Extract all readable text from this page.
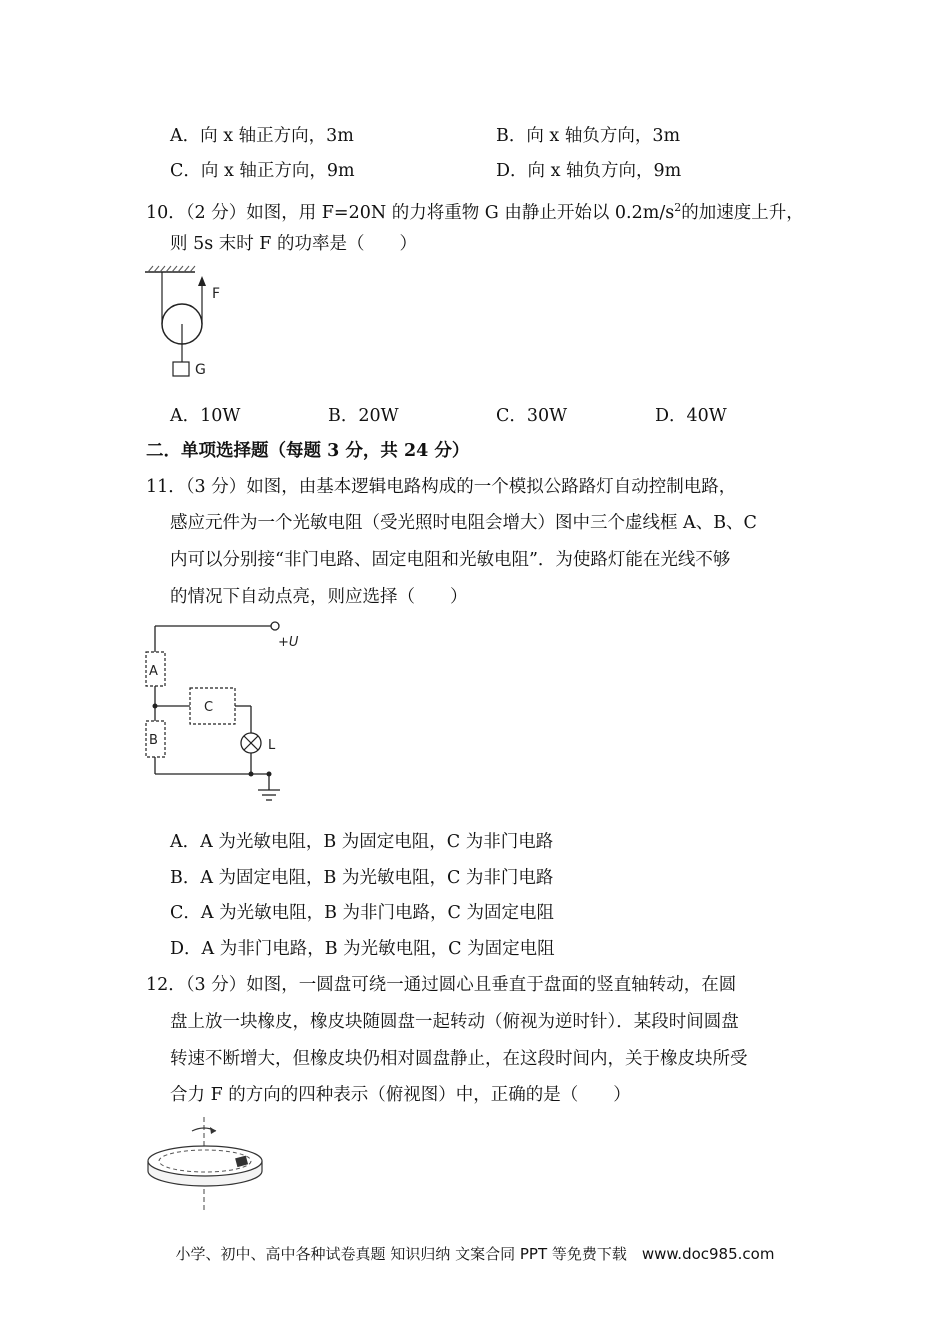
A．向 x 轴正方向，3m	B．向 x 轴负方向，3m
C．向 x 轴正方向，9m	D．向 x 轴负方向，9m
10．（2 分）如图，用 F=20N 的力将重物 G 由静止开始以 $0.2m/s^2$的加速度上升，
则 5s 末时 F 的功率是（　　）
F
G
A．10W	B．20W	C．30W	D．40W
二．单项选择题（每题 3 分，共 24 分）
11．（3 分）如图，由基本逻辑电路构成的一个模拟公路路灯自动控制电路，
感应元件为一个光敏电阻（受光照时电阻会增大）图中三个虚线框 A、B、C
内可以分别接“非门电路、固定电阻和光敏电阻”．为使路灯能在光线不够
的情况下自动点亮，则应选择（　　）
+U
A
C
L
B
A．A 为光敏电阻，B 为固定电阻，C 为非门电路
B．A 为固定电阻，B 为光敏电阻，C 为非门电路
C．A 为光敏电阻，B 为非门电路，C 为固定电阻
D．A 为非门电路，B 为光敏电阻，C 为固定电阻
12．（3 分）如图，一圆盘可绕一通过圆心且垂直于盘面的竖直轴转动，在圆
盘上放一块橡皮，橡皮块随圆盘一起转动（俯视为逆时针）．某段时间圆盘
转速不断增大，但橡皮块仍相对圆盘静止，在这段时间内，关于橡皮块所受
合力 F 的方向的四种表示（俯视图）中，正确的是（　　）
小学、初中、高中各种试卷真题 知识归纳 文案合同 PPT 等免费下载　www.doc985.com
